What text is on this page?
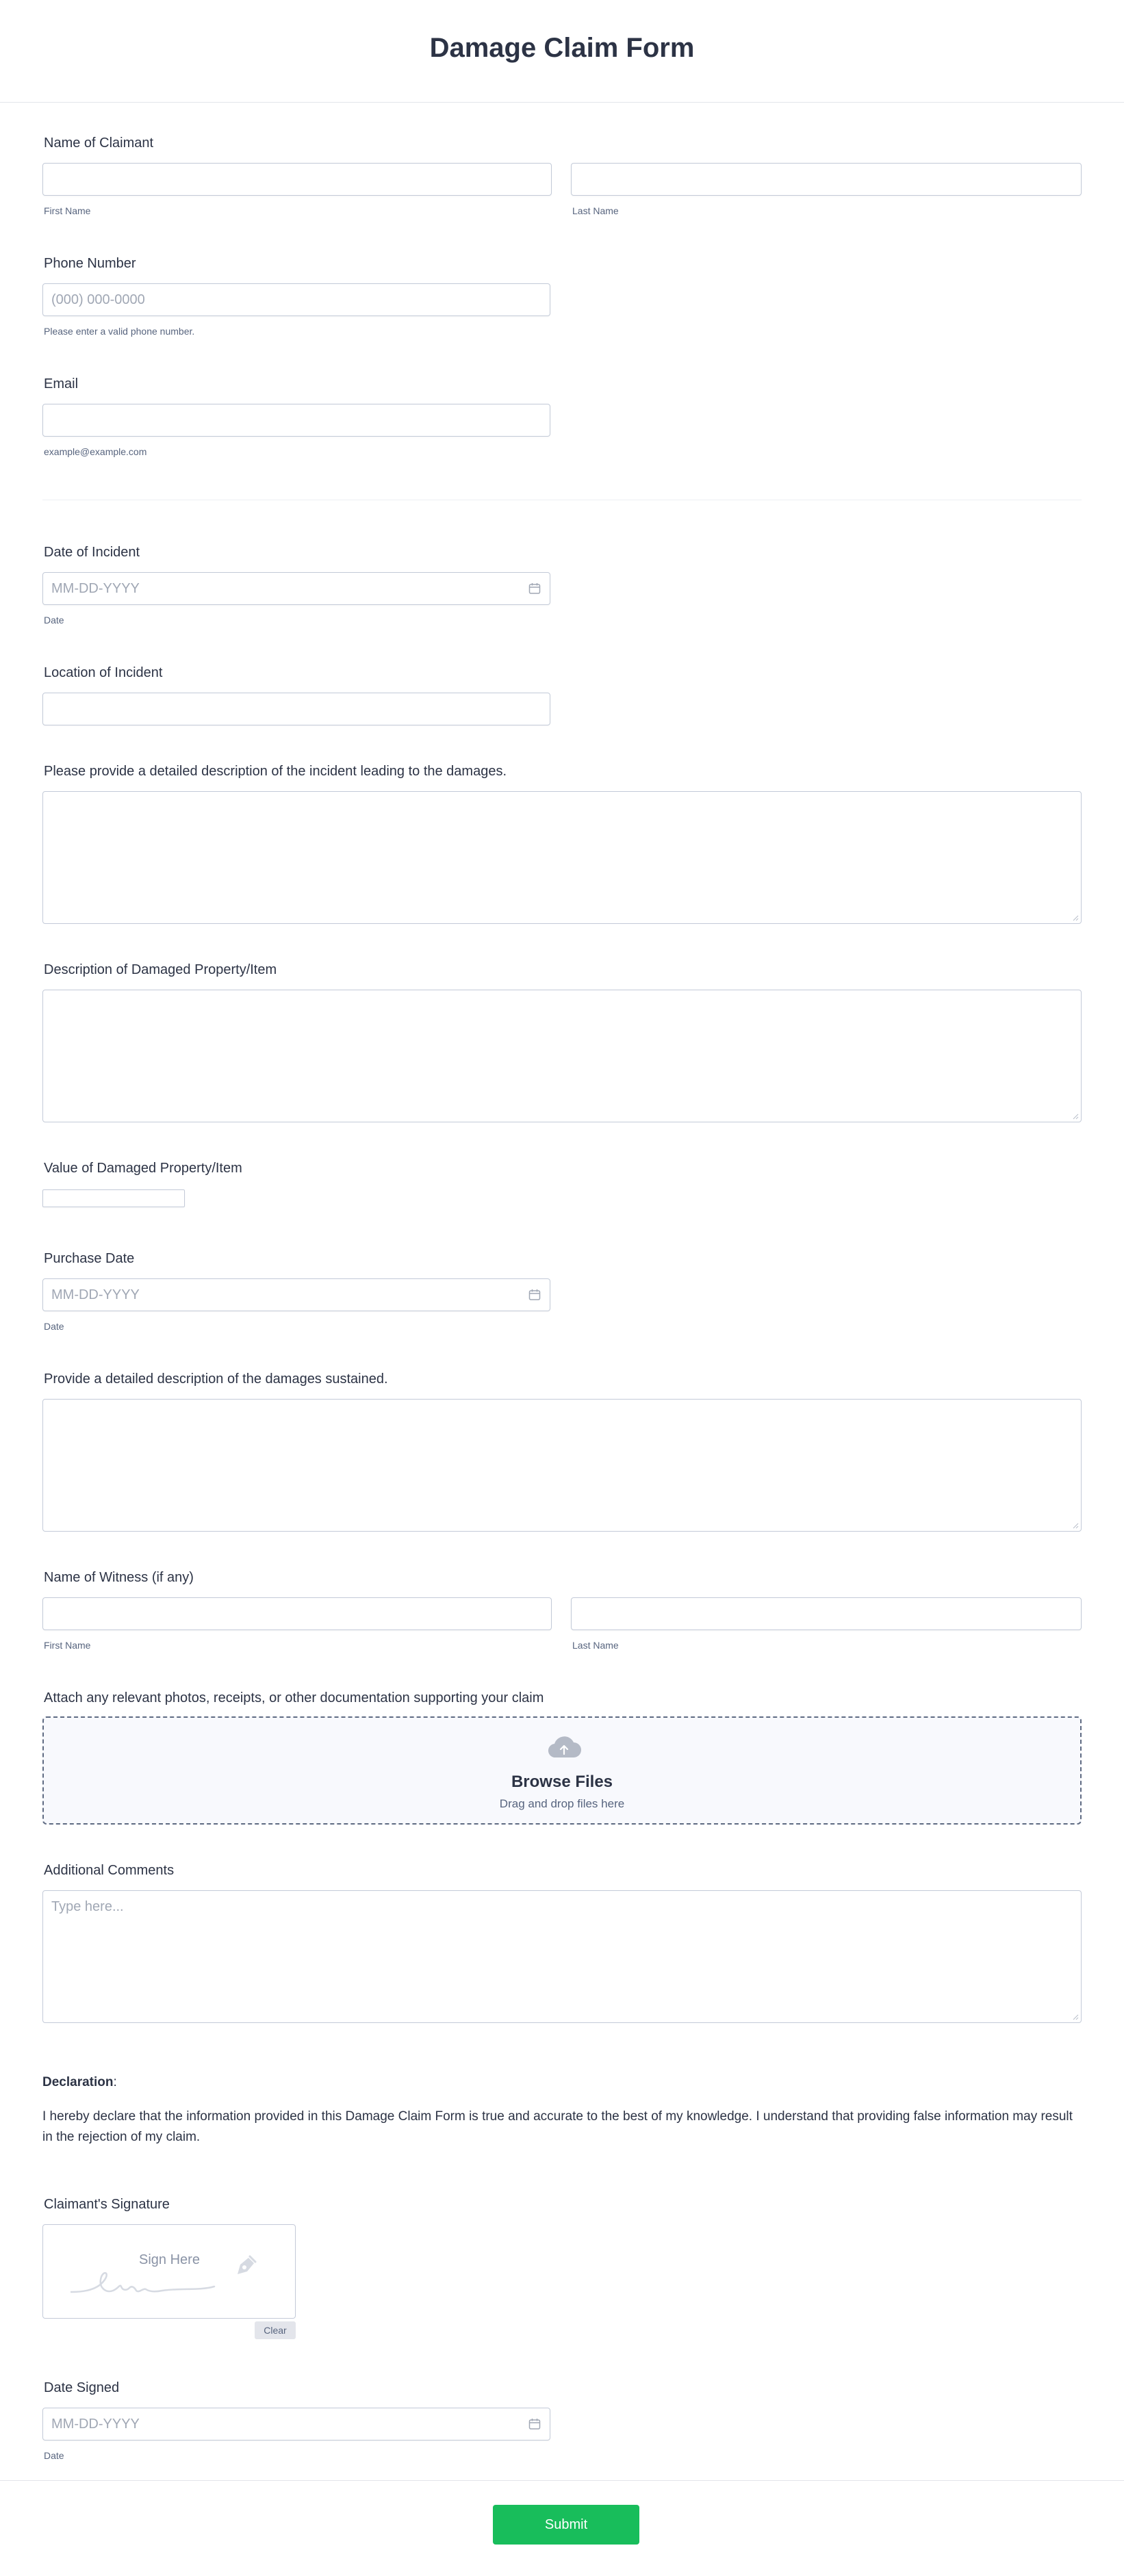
Damage Claim Form
Name of Claimant
First Name	Last Name
Phone Number
(000) 000-0000
Please enter a valid phone number.
Email
example@example.com
Date of Incident
MM-DD-YYYY
Date
Location of Incident
Please provide a detailed description of the incident leading to the damages.
Description of Damaged Property/Item
Value of Damaged Property/Item
Purchase Date
MM-DD-YYYY
Date
Provide a detailed description of the damages sustained.
Name of Witness (if any)
First Name	Last Name
Attach any relevant photos, receipts, or other documentation supporting your claim
Browse Files
Drag and drop files here
Additional Comments
Type here...
Declaration:
I hereby declare that the information provided in this Damage Claim Form is true and accurate to the best of my knowledge. I understand that providing false information may result in the rejection of my claim.
Claimant's Signature
Sign Here
Clear
Date Signed
MM-DD-YYYY
Date
Submit
